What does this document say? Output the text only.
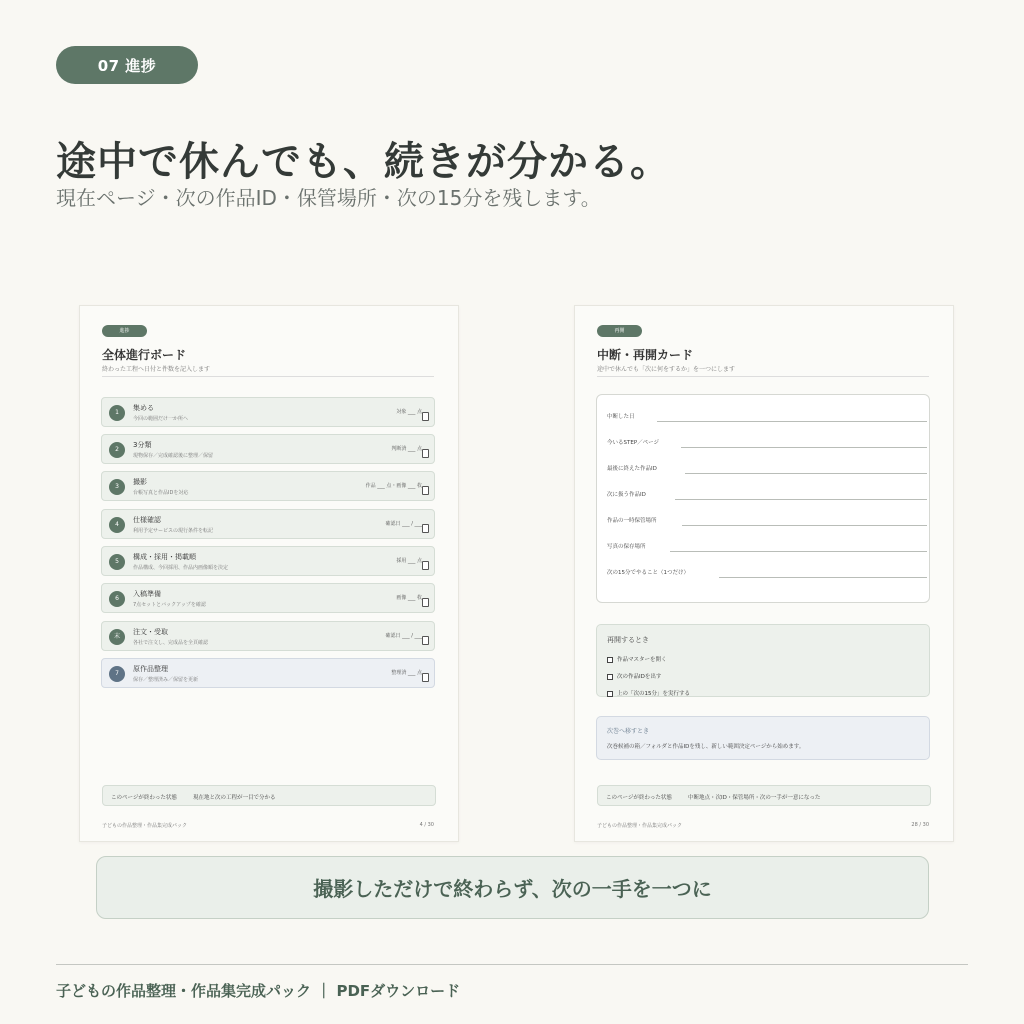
07 進捗
途中で休んでも、続きが分かる。
現在ページ・次の作品ID・保管場所・次の15分を残します。
進捗
全体進行ボード
終わった工程へ日付と件数を記入します
1
集める
今回の範囲だけ一か所へ
対象 ___ 点
2
3分類
現物保存／完成確認後に整理／保留
判断済 ___ 点
3
撮影
台帳写真と作品IDを対応
作品 ___ 点・画像 ___ 枚
4
仕様確認
利用予定サービスの現行条件を転記
確認日 ___ / ___
5
構成・採用・掲載順
作品構成、今回採用、作品内画像順を決定
採用 ___ 点
6
入稿準備
7点セットとバックアップを確認
画像 ___ 枚
末
注文・受取
各社で注文し、完成品を全頁確認
確認日 ___ / ___
7
原作品整理
保存／整理済み／保留を更新
整理済 ___ 点
このページが終わった状態	現在地と次の工程が一目で分かる
子どもの作品整理・作品集完成パック	4 / 30
再開
中断・再開カード
途中で休んでも「次に何をするか」を一つにします
中断した日
今いるSTEP／ページ
最後に終えた作品ID
次に扱う作品ID
作品の一時保管場所
写真の保存場所
次の15分でやること（1つだけ）
再開するとき
作品マスターを開く
次の作品IDを出す
上の「次の15分」を実行する
次巻へ移すとき
次巻候補の箱／フォルダと作品IDを残し、新しい範囲決定ページから始めます。
このページが終わった状態	中断地点・次ID・保管場所・次の一手が一意になった
子どもの作品整理・作品集完成パック	28 / 30
撮影しただけで終わらず、次の一手を一つに
子どもの作品整理・作品集完成パック ｜ PDFダウンロード
